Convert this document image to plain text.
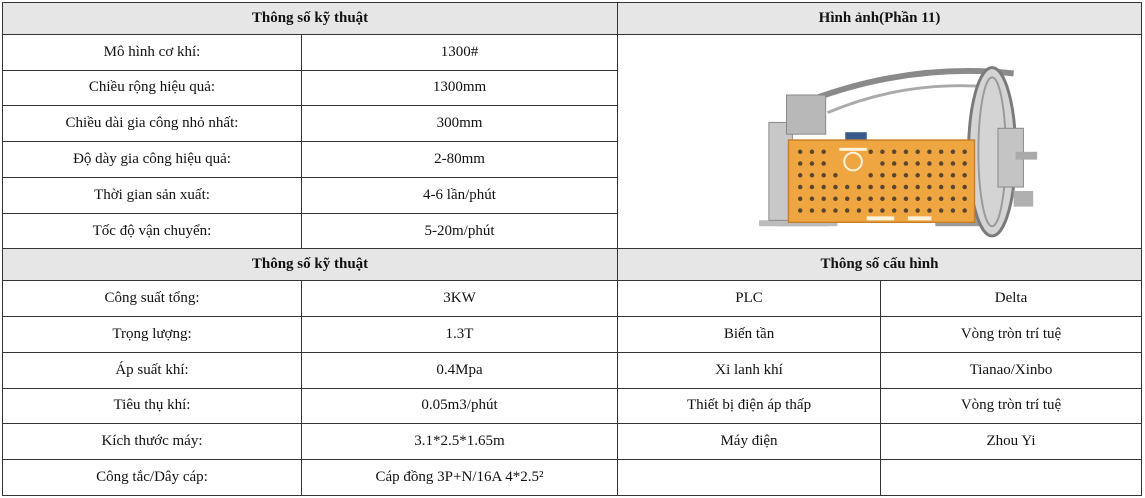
Thông số kỹ thuật		Hình ảnh(Phần 11)	
Mô hình cơ khí:	1300#	

Chiều rộng hiệu quả:	1300mm		
Chiều dài gia công nhỏ nhất:	300mm		
Độ dày gia công hiệu quả:	2-80mm		
Thời gian sản xuất:	4-6 lần/phút		
Tốc độ vận chuyển:	5-20m/phút		
Thông số kỹ thuật		Thông số cấu hình	
Công suất tổng:	3KW	PLC	Delta
Trọng lượng:	1.3T	Biến tần	Vòng tròn trí tuệ
Áp suất khí:	0.4Mpa	Xi lanh khí	Tianao/Xinbo
Tiêu thụ khí:	0.05m3/phút	Thiết bị điện áp thấp	Vòng tròn trí tuệ
Kích thước máy:	3.1*2.5*1.65m	Máy điện	Zhou Yi
Công tắc/Dây cáp:	Cáp đồng 3P+N/16A 4*2.5²		
